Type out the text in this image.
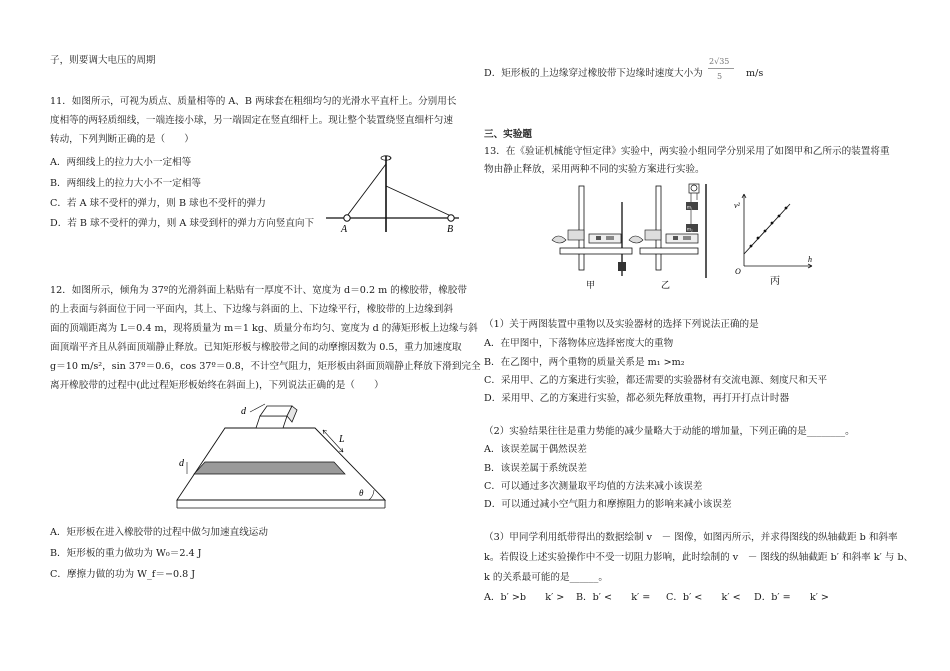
子，则要调大电压的周期
11．如图所示，可视为质点、质量相等的 A、B 两球套在粗细均匀的光滑水平直杆上。分别用长
度相等的两轻质细线，一端连接小球，另一端固定在竖直细杆上。现让整个装置绕竖直细杆匀速
转动，下列判断正确的是（　　）
A．两细线上的拉力大小一定相等
B．两细线上的拉力大小不一定相等
C．若 A 球不受杆的弹力，则 B 球也不受杆的弹力
D．若 B 球不受杆的弹力，则 A 球受到杆的弹力方向竖直向下
A	B
12．如图所示，倾角为 37º的光滑斜面上粘贴有一厚度不计、宽度为 d＝0.2 m 的橡胶带，橡胶带
的上表面与斜面位于同一平面内，其上、下边缘与斜面的上、下边缘平行，橡胶带的上边缘到斜
面的顶端距离为 L＝0.4 m，现将质量为 m＝1 kg、质量分布均匀、宽度为 d 的薄矩形板上边缘与斜
面顶端平齐且从斜面顶端静止释放。已知矩形板与橡胶带之间的动摩擦因数为 0.5，重力加速度取
g＝10 m/s²，sin 37º＝0.6，cos 37º＝0.8，不计空气阻力，矩形板由斜面顶端静止释放下滑到完全
离开橡胶带的过程中(此过程矩形板始终在斜面上)，下列说法正确的是（　　）
d
d
L
θ
A．矩形板在进入橡胶带的过程中做匀加速直线运动
B．矩形板的重力做功为 W₀＝2.4 J
C．摩擦力做的功为 W_f＝−0.8 J
D．矩形板的上边缘穿过橡胶带下边缘时速度大小为
2√35
5 m/s
三、实验题
13．在《验证机械能守恒定律》实验中，两实验小组同学分别采用了如图甲和乙所示的装置将重
物由静止释放，采用两种不同的实验方案进行实验。
甲
m₁
m₂
乙
v²
h
O
丙
（1）关于两图装置中重物以及实验器材的选择下列说法正确的是
A．在甲图中，下落物体应选择密度大的重物
B．在乙图中，两个重物的质量关系是 m₁ >m₂
C．采用甲、乙的方案进行实验，都还需要的实验器材有交流电源、刻度尺和天平
D．采用甲、乙的方案进行实验，都必须先释放重物，再打开打点计时器
（2）实验结果往往是重力势能的减少量略大于动能的增加量，下列正确的是________。
A．该误差属于偶然误差
B．该误差属于系统误差
C．可以通过多次测量取平均值的方法来减小该误差
D．可以通过减小空气阻力和摩擦阻力的影响来减小该误差
（3）甲同学利用纸带得出的数据绘制 v　－ 图像，如图丙所示，并求得图线的纵轴截距 b 和斜率
k。若假设上述实验操作中不受一切阻力影响，此时绘制的 v　－ 图线的纵轴截距 b′ 和斜率 k′ 与 b、
k 的关系最可能的是______。
A．b′ >b　　k′ > B．b′ <　　k′ = C．b′ <　　k′ < D．b′ =　　k′ >
